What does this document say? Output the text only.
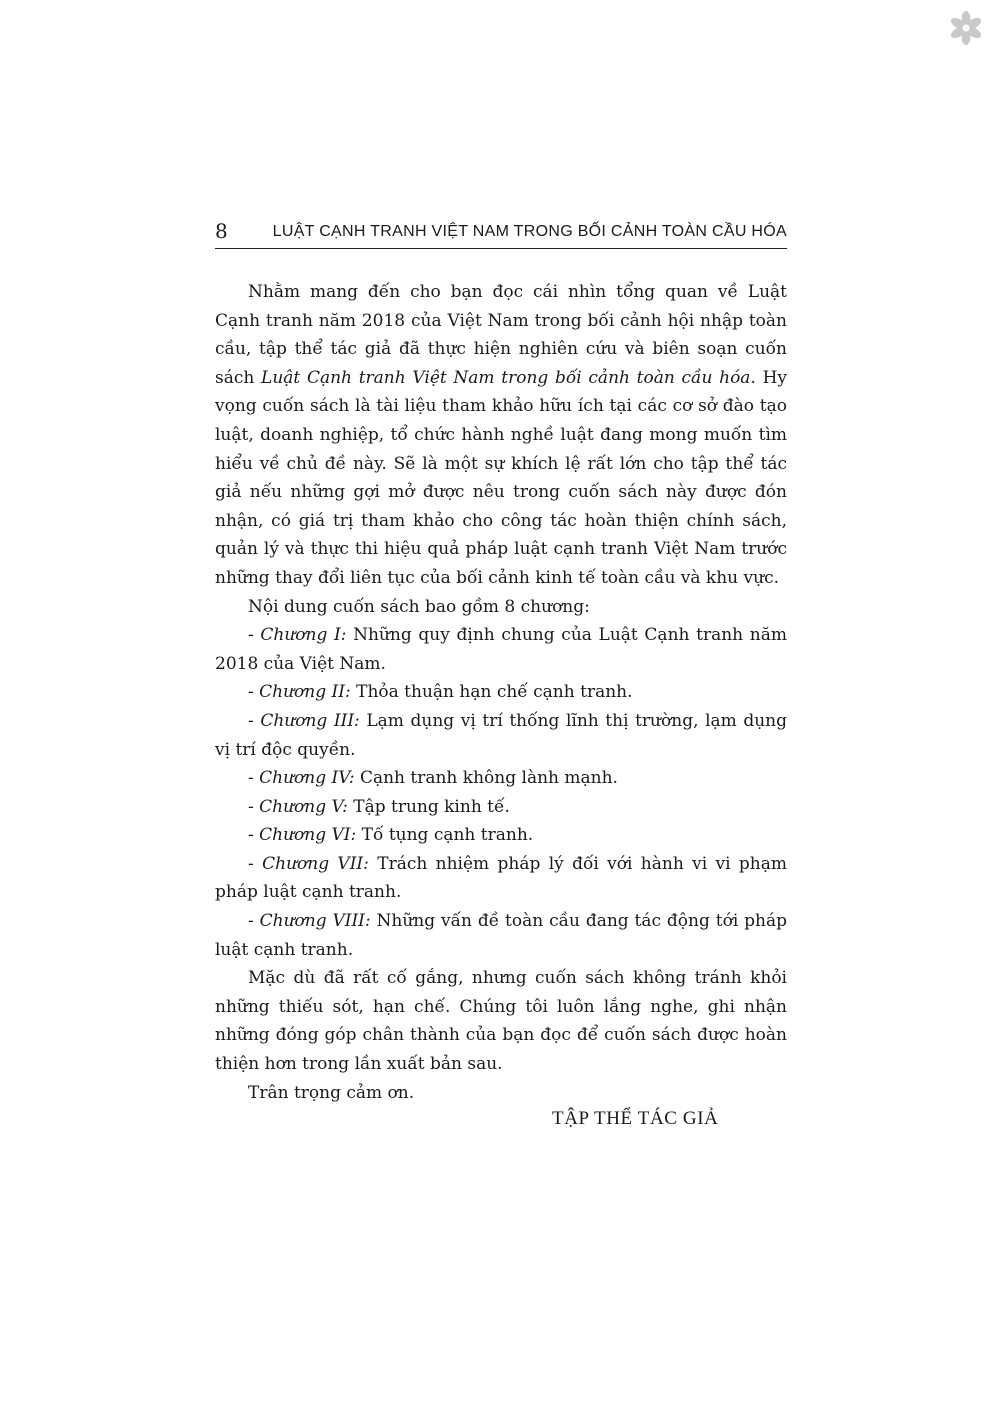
8	LUẬT CẠNH TRANH VIỆT NAM TRONG BỐI CẢNH TOÀN CẦU HÓA

Nhằm mang đến cho bạn đọc cái nhìn tổng quan về Luật Cạnh tranh năm 2018 của Việt Nam trong bối cảnh hội nhập toàn cầu, tập thể tác giả đã thực hiện nghiên cứu và biên soạn cuốn sách Luật Cạnh tranh Việt Nam trong bối cảnh toàn cầu hóa. Hy vọng cuốn sách là tài liệu tham khảo hữu ích tại các cơ sở đào tạo luật, doanh nghiệp, tổ chức hành nghề luật đang mong muốn tìm hiểu về chủ đề này. Sẽ là một sự khích lệ rất lớn cho tập thể tác giả nếu những gợi mở được nêu trong cuốn sách này được đón nhận, có giá trị tham khảo cho công tác hoàn thiện chính sách, quản lý và thực thi hiệu quả pháp luật cạnh tranh Việt Nam trước những thay đổi liên tục của bối cảnh kinh tế toàn cầu và khu vực.

Nội dung cuốn sách bao gồm 8 chương:

- Chương I: Những quy định chung của Luật Cạnh tranh năm 2018 của Việt Nam.

- Chương II: Thỏa thuận hạn chế cạnh tranh.

- Chương III: Lạm dụng vị trí thống lĩnh thị trường, lạm dụng vị trí độc quyền.

- Chương IV: Cạnh tranh không lành mạnh.

- Chương V: Tập trung kinh tế.

- Chương VI: Tố tụng cạnh tranh.

- Chương VII: Trách nhiệm pháp lý đối với hành vi vi phạm pháp luật cạnh tranh.

- Chương VIII: Những vấn đề toàn cầu đang tác động tới pháp luật cạnh tranh.

Mặc dù đã rất cố gắng, nhưng cuốn sách không tránh khỏi những thiếu sót, hạn chế. Chúng tôi luôn lắng nghe, ghi nhận những đóng góp chân thành của bạn đọc để cuốn sách được hoàn thiện hơn trong lần xuất bản sau.

Trân trọng cảm ơn.

TẬP THỂ TÁC GIẢ
